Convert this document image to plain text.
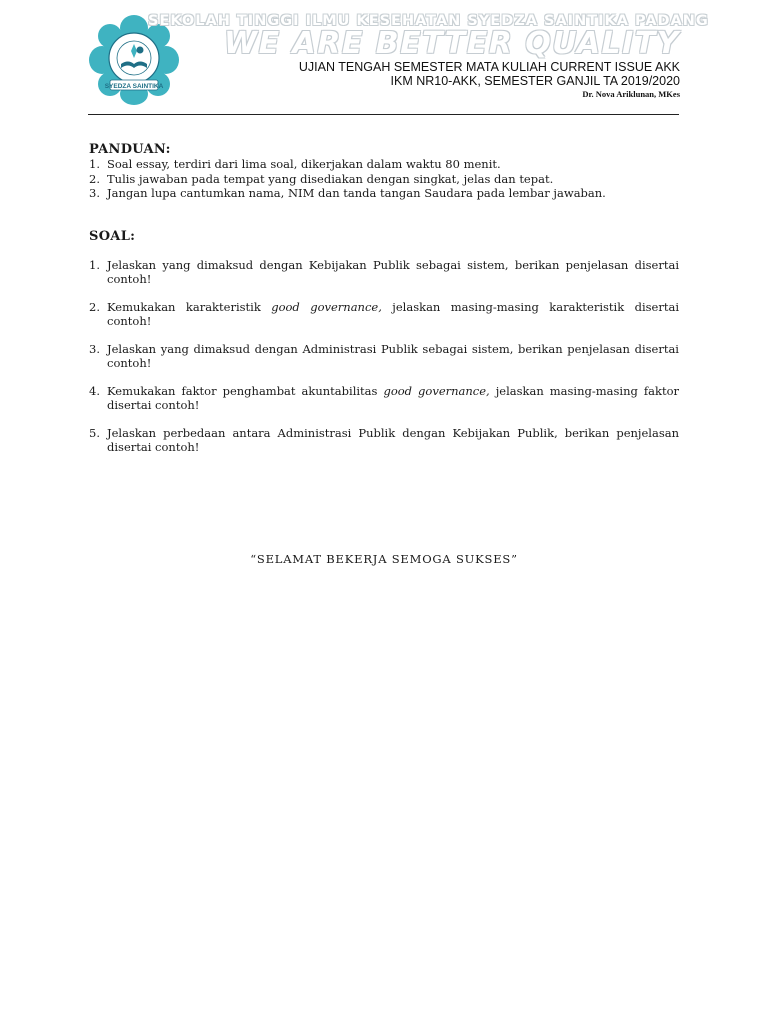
SYEDZA SAINTIKA
SEKOLAH TINGGI ILMU KESEHATAN SYEDZA SAINTIKA PADANG
WE ARE BETTER QUALITY
UJIAN TENGAH SEMESTER MATA KULIAH CURRENT ISSUE AKK
IKM NR10-AKK, SEMESTER GANJIL TA 2019/2020
Dr. Nova Ariklunan, MKes
PANDUAN:
1. Soal essay, terdiri dari lima soal, dikerjakan dalam waktu 80 menit.
2. Tulis jawaban pada tempat yang disediakan dengan singkat, jelas dan tepat.
3. Jangan lupa cantumkan nama, NIM dan tanda tangan Saudara pada lembar jawaban.
SOAL:
1. Jelaskan yang dimaksud dengan Kebijakan Publik sebagai sistem, berikan penjelasan disertai contoh!
2. Kemukakan karakteristik good governance, jelaskan masing-masing karakteristik disertai contoh!
3. Jelaskan yang dimaksud dengan Administrasi Publik sebagai sistem, berikan penjelasan disertai contoh!
4. Kemukakan faktor penghambat akuntabilitas good governance, jelaskan masing-masing faktor disertai contoh!
5. Jelaskan perbedaan antara Administrasi Publik dengan Kebijakan Publik, berikan penjelasan disertai contoh!
“SELAMAT BEKERJA SEMOGA SUKSES”
